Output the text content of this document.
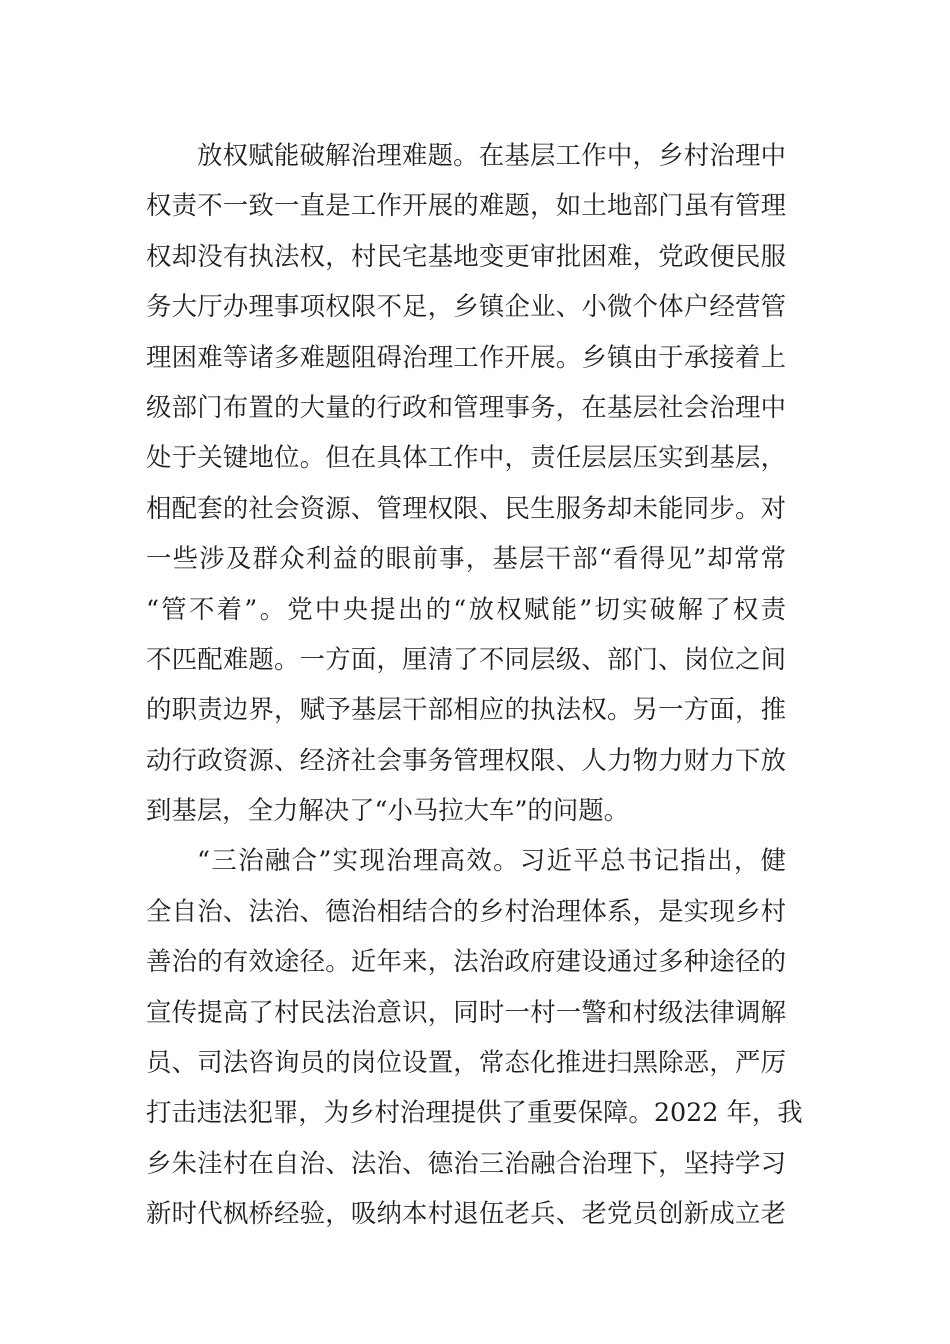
放权赋能破解治理难题。在基层工作中，乡村治理中
权责不一致一直是工作开展的难题，如土地部门虽有管理
权却没有执法权，村民宅基地变更审批困难，党政便民服
务大厅办理事项权限不足，乡镇企业、小微个体户经营管
理困难等诸多难题阻碍治理工作开展。乡镇由于承接着上
级部门布置的大量的行政和管理事务，在基层社会治理中
处于关键地位。但在具体工作中，责任层层压实到基层，
相配套的社会资源、管理权限、民生服务却未能同步。对
一些涉及群众利益的眼前事，基层干部“看得见”却常常
“管不着”。党中央提出的“放权赋能”切实破解了权责
不匹配难题。一方面，厘清了不同层级、部门、岗位之间
的职责边界，赋予基层干部相应的执法权。另一方面，推
动行政资源、经济社会事务管理权限、人力物力财力下放
到基层，全力解决了“小马拉大车”的问题。
“三治融合”实现治理高效。习近平总书记指出，健
全自治、法治、德治相结合的乡村治理体系，是实现乡村
善治的有效途径。近年来，法治政府建设通过多种途径的
宣传提高了村民法治意识，同时一村一警和村级法律调解
员、司法咨询员的岗位设置，常态化推进扫黑除恶，严厉
打击违法犯罪，为乡村治理提供了重要保障。2022 年，我
乡朱洼村在自治、法治、德治三治融合治理下，坚持学习
新时代枫桥经验，吸纳本村退伍老兵、老党员创新成立老
